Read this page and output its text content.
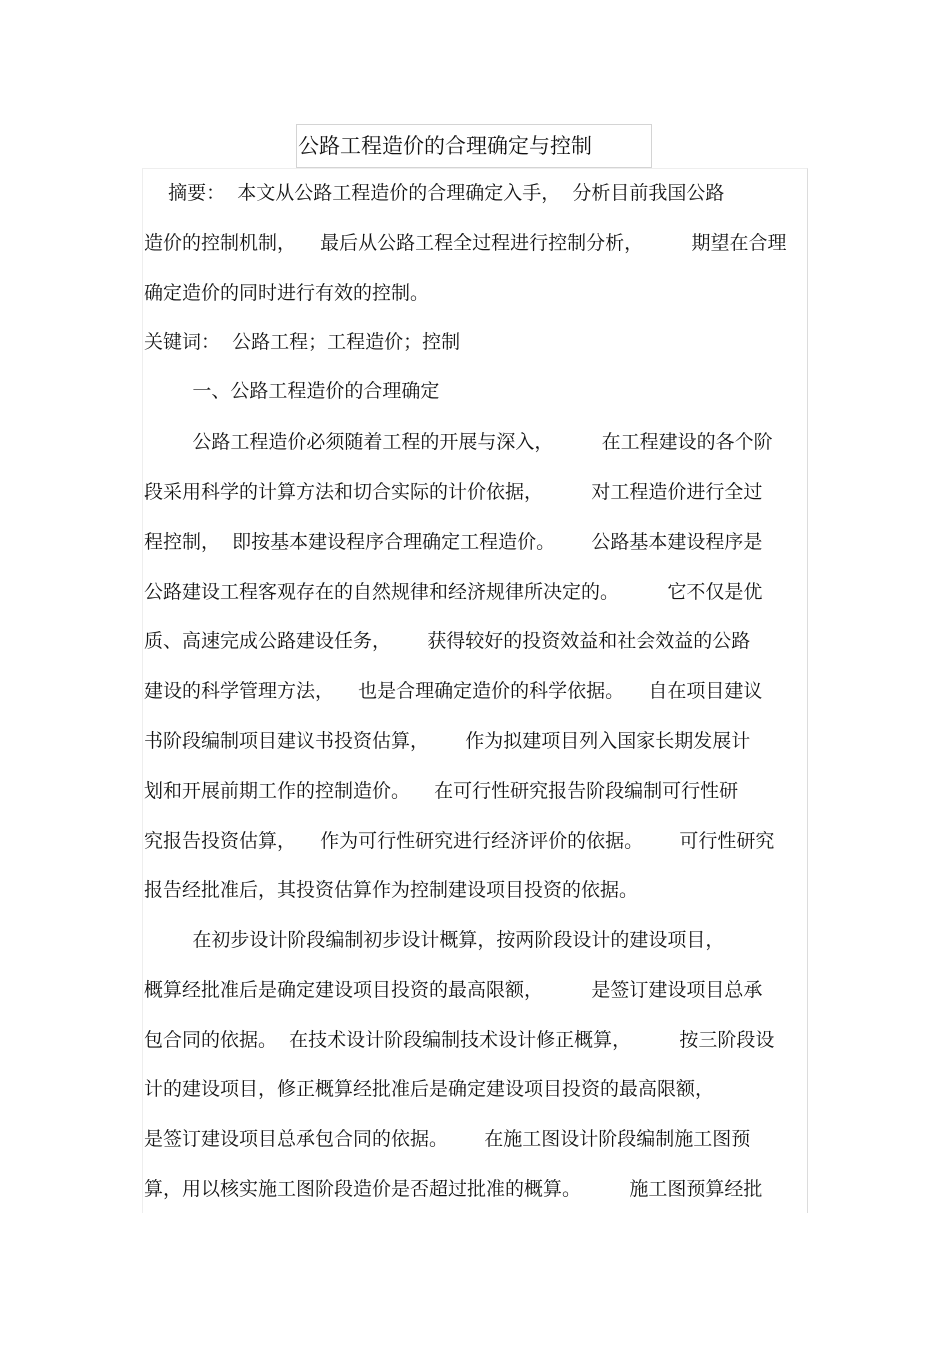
公路工程造价的合理确定与控制
摘要：  本文从公路工程造价的合理确定入手，  分析目前我国公路
造价的控制机制，    最后从公路工程全过程进行控制分析，        期望在合理
确定造价的同时进行有效的控制。
关键词：  公路工程；工程造价；控制
一、公路工程造价的合理确定
公路工程造价必须随着工程的开展与深入，        在工程建设的各个阶
段采用科学的计算方法和切合实际的计价依据，        对工程造价进行全过
程控制，  即按基本建设程序合理确定工程造价。      公路基本建设程序是
公路建设工程客观存在的自然规律和经济规律所决定的。        它不仅是优
质、高速完成公路建设任务，      获得较好的投资效益和社会效益的公路
建设的科学管理方法，    也是合理确定造价的科学依据。    自在项目建议
书阶段编制项目建议书投资估算，      作为拟建项目列入国家长期发展计
划和开展前期工作的控制造价。    在可行性研究报告阶段编制可行性研
究报告投资估算，    作为可行性研究进行经济评价的依据。      可行性研究
报告经批准后，其投资估算作为控制建设项目投资的依据。
在初步设计阶段编制初步设计概算，按两阶段设计的建设项目，
概算经批准后是确定建设项目投资的最高限额，        是签订建设项目总承
包合同的依据。  在技术设计阶段编制技术设计修正概算，        按三阶段设
计的建设项目，修正概算经批准后是确定建设项目投资的最高限额，
是签订建设项目总承包合同的依据。      在施工图设计阶段编制施工图预
算，用以核实施工图阶段造价是否超过批准的概算。        施工图预算经批
